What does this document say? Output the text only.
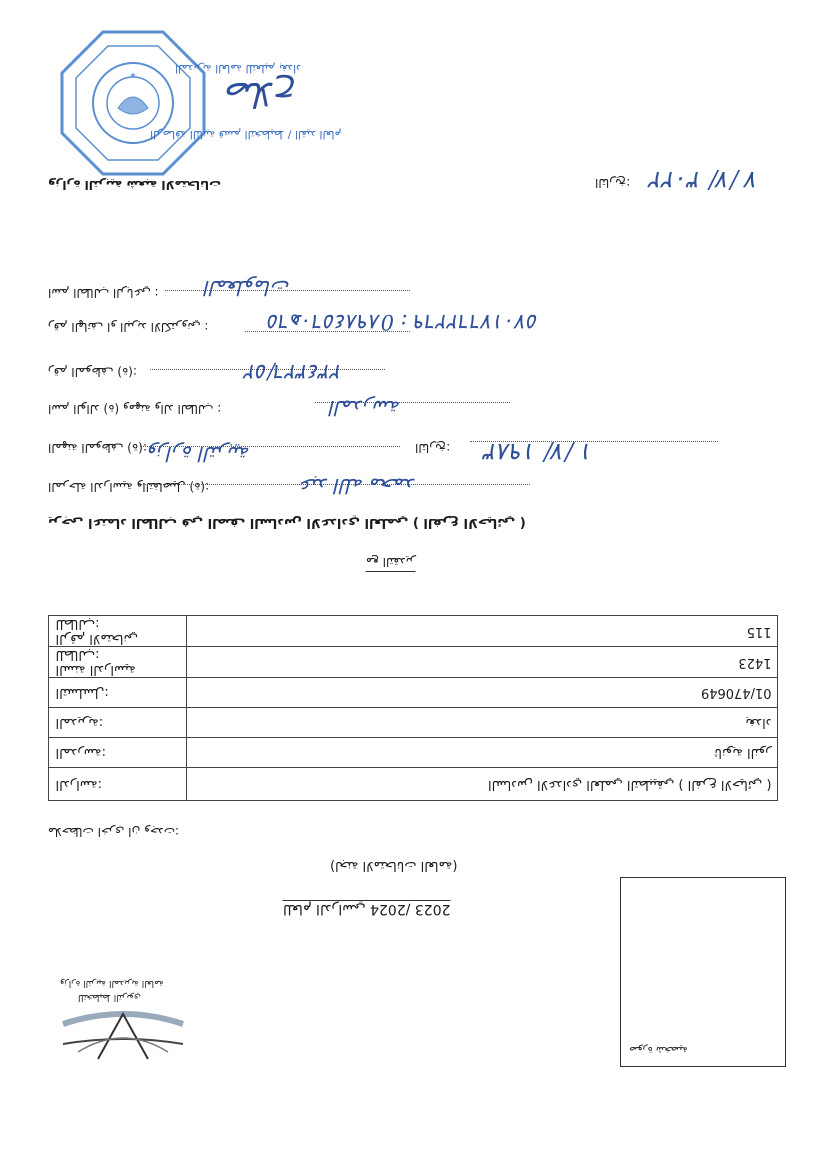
★
ﺍﻟﻤﺪﻳﺮﻳﺔ ﺍﻟﻌﺎﻣﺔ ﻟﻠﺘﻌﻠﻴﻢ ﺑﻐﺪﺍﺩ
ﺻﻼﺡ
ﺍﻟﺮﺻﺎﻓﺔ ﺍﻟﺜﺎﻧﻴﺔ ﻗﺴﻢ ﺍﻟﺘﺨﻄﻴﻂ / ﺍﻟﻘﻴﺪ ﺍﻟﻌﺎﻡ
ﻭﺯﺍﺭﺓ ﺍﻟﺘﺮﺑﻴﺔ ﺷﻌﺒﺔ ﺍﻻﻣﺘﺤﺎﻧﺎﺕ	ﺍﻟﺘﺎﺭﻳﺦ:	٣٠٢٢ /٧/ ٧
ﺍﺳﻢ ﺍﻟﻄﺎﻟﺐ ﺍﻟﺮﺑﺎﻋﻲ : ﺍﻟﻤﻌﻠﻮﻣﺎﺕ
ﺭﻗﻢ ﺍﻟﻬﺎﺗﻒ ﺍﻭ ﺍﻟﺒﺮﻳﺪ ﺍﻻﻟﻜﺘﺮﻭﻧﻲ :	٥٧٠١٧٦٦٢٢٦٩ : 0٦٥ﻫ٨٩٨٤٥٦٠
ﺭﻗﻢ ﺍﻟﻤﻮﻇﻒ (ﺓ):	٢٣٤٣٢٦/٥٢
ﺍﺳﻢ ﺍﻟﻮﺍﻟﺪ (ﺓ) ﻭﻣﻬﻨﺔ ﻭﺍﻟﺪ ﺍﻟﻄﺎﻟﺐ :	ﺍﻟﻤﺪﺭﺳﺔ
ﺍﻟﻤﻬﻨﺔ ﺍﻟﻤﻮﻇﻒ (ﺓ): ﻭﺯﺍﺭﺓ ﺍﻟﺘﺮﺑﻴﺔ	ﺍﻟﺘﺎﺭﻳﺦ:	١٩٨٣ /٧/ ١
ﺍﻟﻤﺮﺣﻠﺔ ﺍﻟﺪﺭﺍﺳﻴﺔ ﻭﺍﻟﺘﻔﺎﺻﻴﻞ (ﺓ):	ﻋﺒﺪ ﺍﻟﻠﻪ ﻣﺤﻤﺪ
ﻳﺮﺟﻰ ﺍﻋﺘﻤﺎﺩ ﺍﻟﻄﺎﻟﺐ ﻓﻲ ﺍﻟﺼﻒ ﺍﻟﺴﺎﺩﺱ ﺍﻻﻋﺪﺍﺩﻱ ﺍﻟﻌﻠﻤﻲ ( ﺍﻟﻔﺮﻉ ﺍﻻﺣﻴﺎﺋﻲ )
ﻣﻊ ﺍﻟﺘﻘﺪﻳﺮ
ﺍﻟﺮﻗﻢ ﺍﻻﻣﺘﺤﺎﻧﻲ ﻟﻠﻄﺎﻟﺐ:	115
ﺍﻟﺴﻨﺔ ﺍﻟﺪﺭﺍﺳﻴﺔ ﻟﻠﻄﺎﻟﺐ:	1423
ﺍﻟﺘﺴﻠﺴﻞ:	01/470649
ﺍﻟﻤﺪﻳﺮﻳﺔ:	ﺑﻐﺪﺍﺩ
ﺍﻟﻤﺪﺭﺳﺔ:	ﺛﺎﻧﻮﻳﺔ ﺍﻟﻨﻮﺭ
ﺍﻟﺪﺭﺍﺳﺔ:	ﺍﻟﺴﺎﺩﺱ ﺍﻻﻋﺪﺍﺩﻱ ﺍﻟﻌﻠﻤﻲ ﺍﻟﺘﻄﺒﻴﻘﻲ ( ﺍﻟﻔﺮﻉ ﺍﻻﺣﻴﺎﺋﻲ )
ﻣﻼﺣﻈﺎﺕ ﺍﺧﺮﻯ ﺍﻥ ﻭﺟﺪﺕ:
(ﻟﺠﻨﺔ ﺍﻻﻣﺘﺤﺎﻧﺎﺕ ﺍﻟﻌﺎﻣﺔ)
ﻟﻠﻌﺎﻡ ﺍﻟﺪﺭﺍﺳﻲ 2024/ 2023
ﻭﺯﺍﺭﺓ ﺍﻟﺘﺮﺑﻴﺔ ﺍﻟﻤﺪﻳﺮﻳﺔ ﺍﻟﻌﺎﻣﺔ
ﻟﻠﺘﺨﻄﻴﻂ ﺍﻟﺘﺮﺑﻮﻱ
ﺻﻮﺭﺓ ﺷﺨﺼﻴﺔ
